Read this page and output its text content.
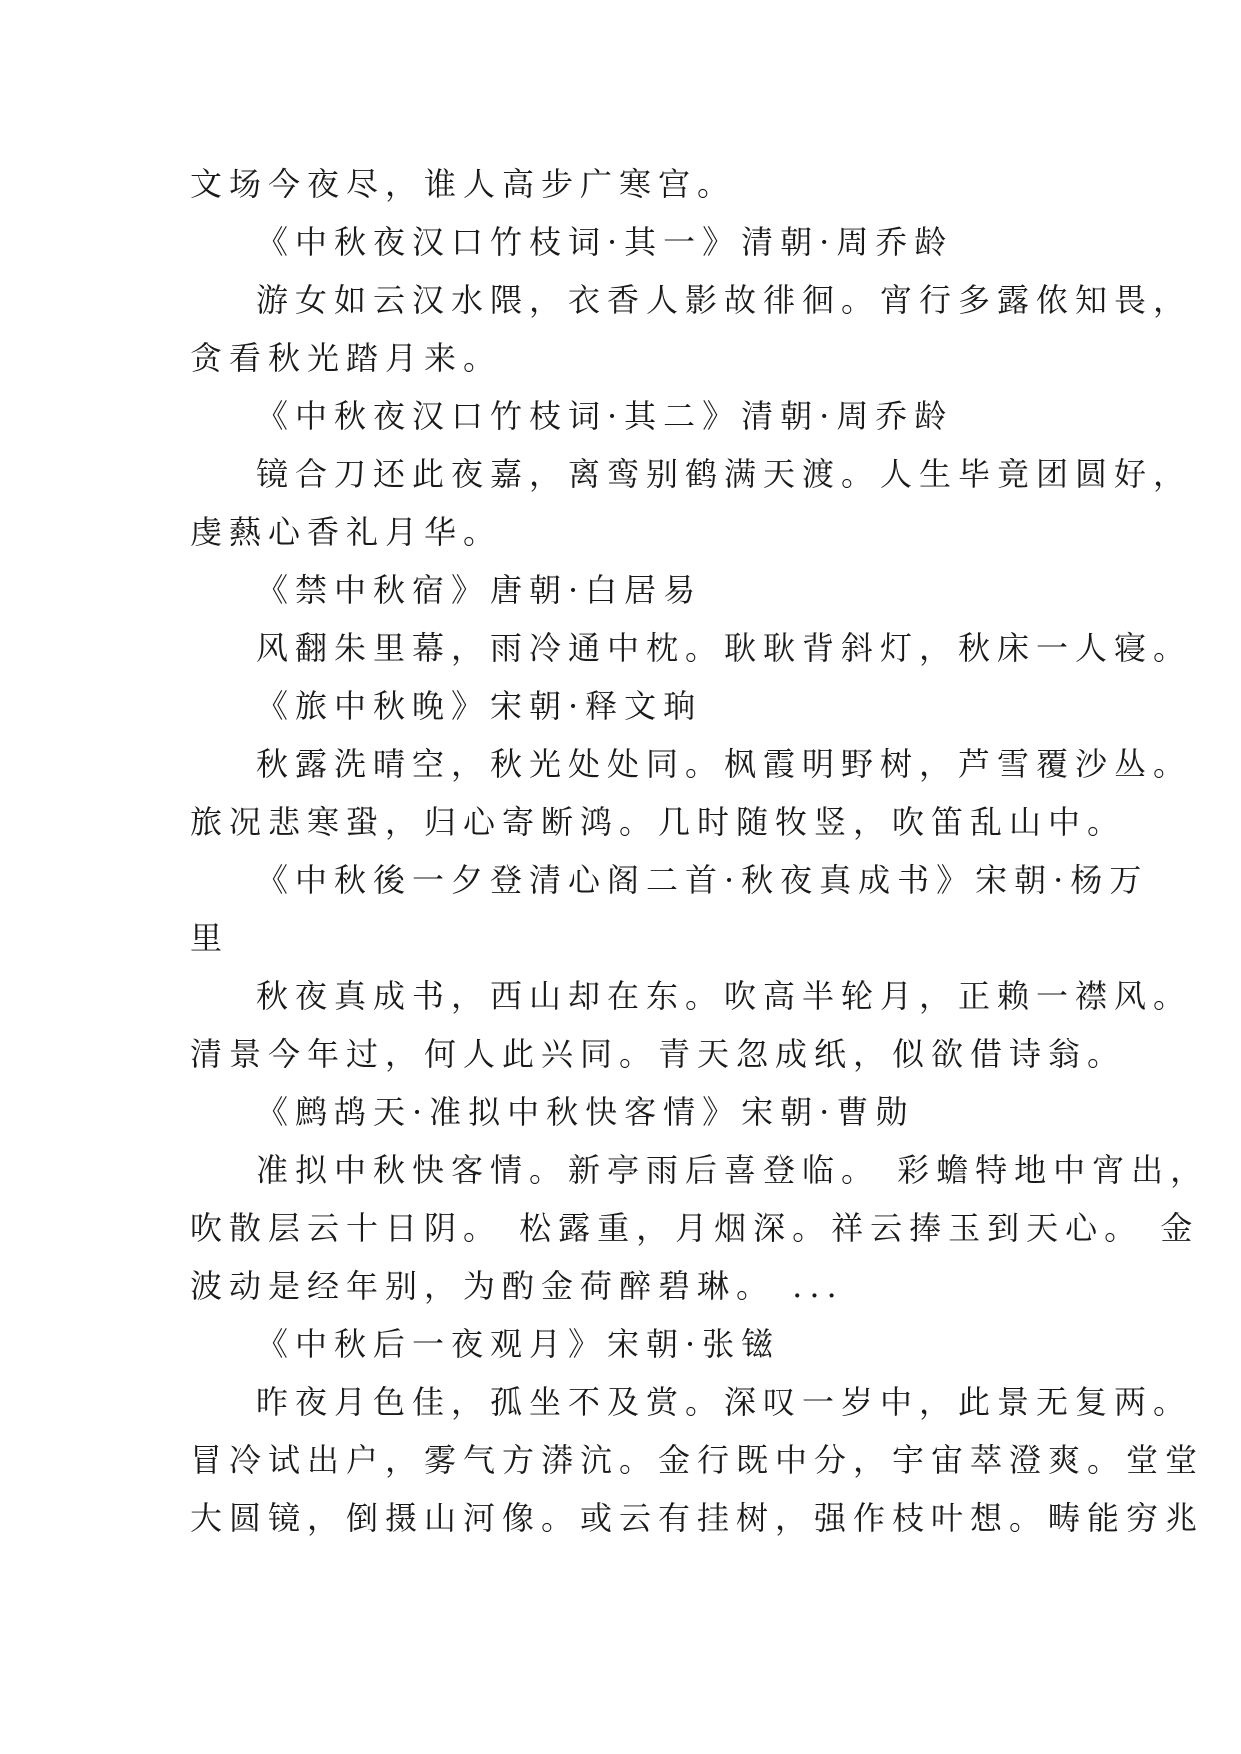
文场今夜尽，谁人高步广寒宫。
《中秋夜汉口竹枝词·其一》清朝·周乔龄
游女如云汉水隈，衣香人影故徘徊。宵行多露侬知畏，
贪看秋光踏月来。
《中秋夜汉口竹枝词·其二》清朝·周乔龄
镜合刀还此夜嘉，离鸾别鹤满天渡。人生毕竟团圆好，
虔爇心香礼月华。
《禁中秋宿》唐朝·白居易
风翻朱里幕，雨冷通中枕。耿耿背斜灯，秋床一人寝。
《旅中秋晚》宋朝·释文珦
秋露洗晴空，秋光处处同。枫霞明野树，芦雪覆沙丛。
旅况悲寒蛩，归心寄断鸿。几时随牧竖，吹笛乱山中。
《中秋後一夕登清心阁二首·秋夜真成书》宋朝·杨万
里
秋夜真成书，西山却在东。吹高半轮月，正赖一襟风。
清景今年过，何人此兴同。青天忽成纸，似欲借诗翁。
《鹧鸪天·准拟中秋快客情》宋朝·曹勋
准拟中秋快客情。新亭雨后喜登临。 彩蟾特地中宵出，
吹散层云十日阴。 松露重，月烟深。祥云捧玉到天心。 金
波动是经年别，为酌金荷醉碧琳。 ...
《中秋后一夜观月》宋朝·张镃
昨夜月色佳，孤坐不及赏。深叹一岁中，此景无复两。
冒冷试出户，雾气方漭沆。金行既中分，宇宙萃澄爽。堂堂
大圆镜，倒摄山河像。或云有挂树，强作枝叶想。畴能穷兆
